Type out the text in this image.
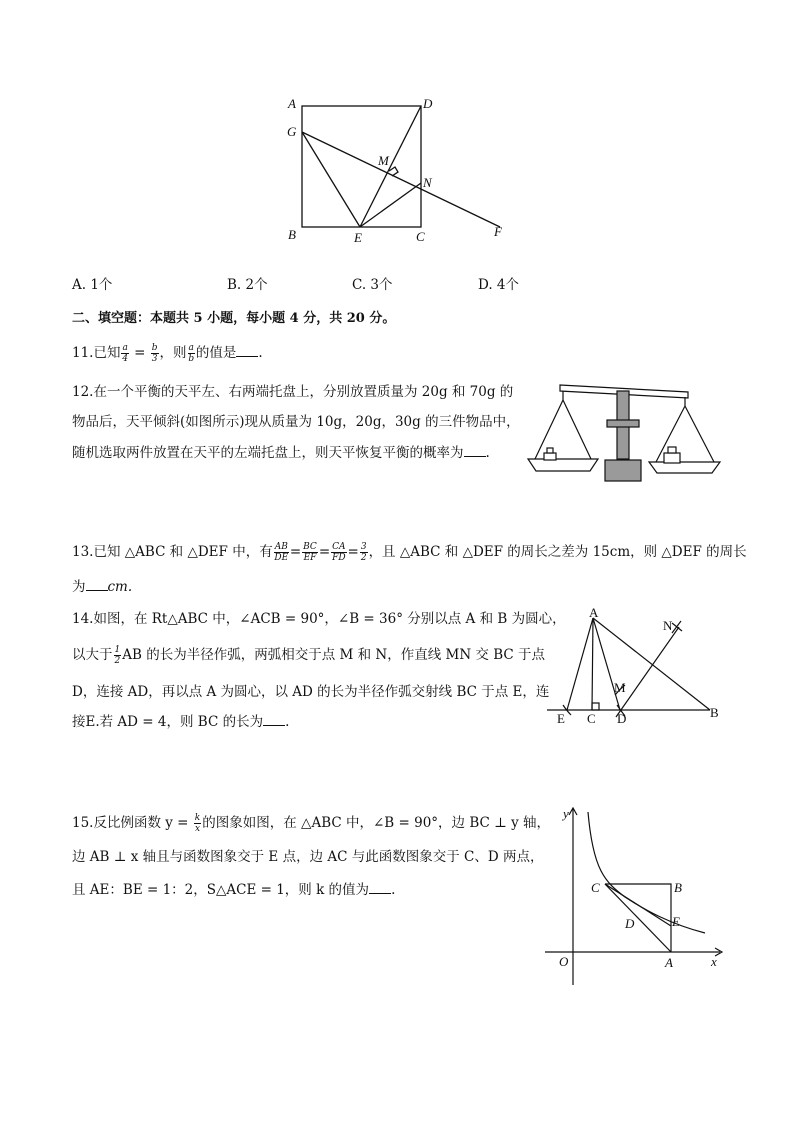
A	D
G
M
N
B	E	C	F
A. 1个	B. 2个	C. 3个	D. 4个
二、填空题：本题共 5 小题，每小题 4 分，共 20 分。
11.已知 $\frac{a}{4} = \frac{b}{3}$ ，则 $\frac{a}{b}$ 的值是 .
12.在一个平衡的天平左、右两端托盘上，分别放置质量为 20g 和 70g 的
物品后，天平倾斜(如图所示)现从质量为 10g，20g，30g 的三件物品中，
随机选取两件放置在天平的左端托盘上，则天平恢复平衡的概率为 .
13.已知 △ABC 和 △DEF 中，有 $\frac{AB}{DE} = \frac{BC}{EF} = \frac{CA}{FD} = \frac{3}{2}$ ，且 △ABC 和 △DEF 的周长之差为 15cm，则 △DEF 的周长
为 cm.
14.如图，在 Rt△ABC 中，∠ACB = 90°，∠B = 36° 分别以点 A 和 B 为圆心，
以大于 $\frac{1}{2}$ AB 的长为半径作弧，两弧相交于点 M 和 N，作直线 MN 交 BC 于点
D，连接 AD，再以点 A 为圆心，以 AD 的长为半径作弧交射线 BC 于点 E，连
接E.若 AD = 4，则 BC 的长为 .
A
N
M
E C D	B
15.反比例函数 $y = \frac{k}{x}$ 的图象如图，在 △ABC 中，∠B = 90°，边 BC ⊥ y 轴，
边 AB ⊥ x 轴且与函数图象交于 E 点，边 AC 与此函数图象交于 C、D 两点，
且 AE：BE = 1：2，S△ACE = 1，则 k 的值为 .
y
x
O
C	B
D	E
A
